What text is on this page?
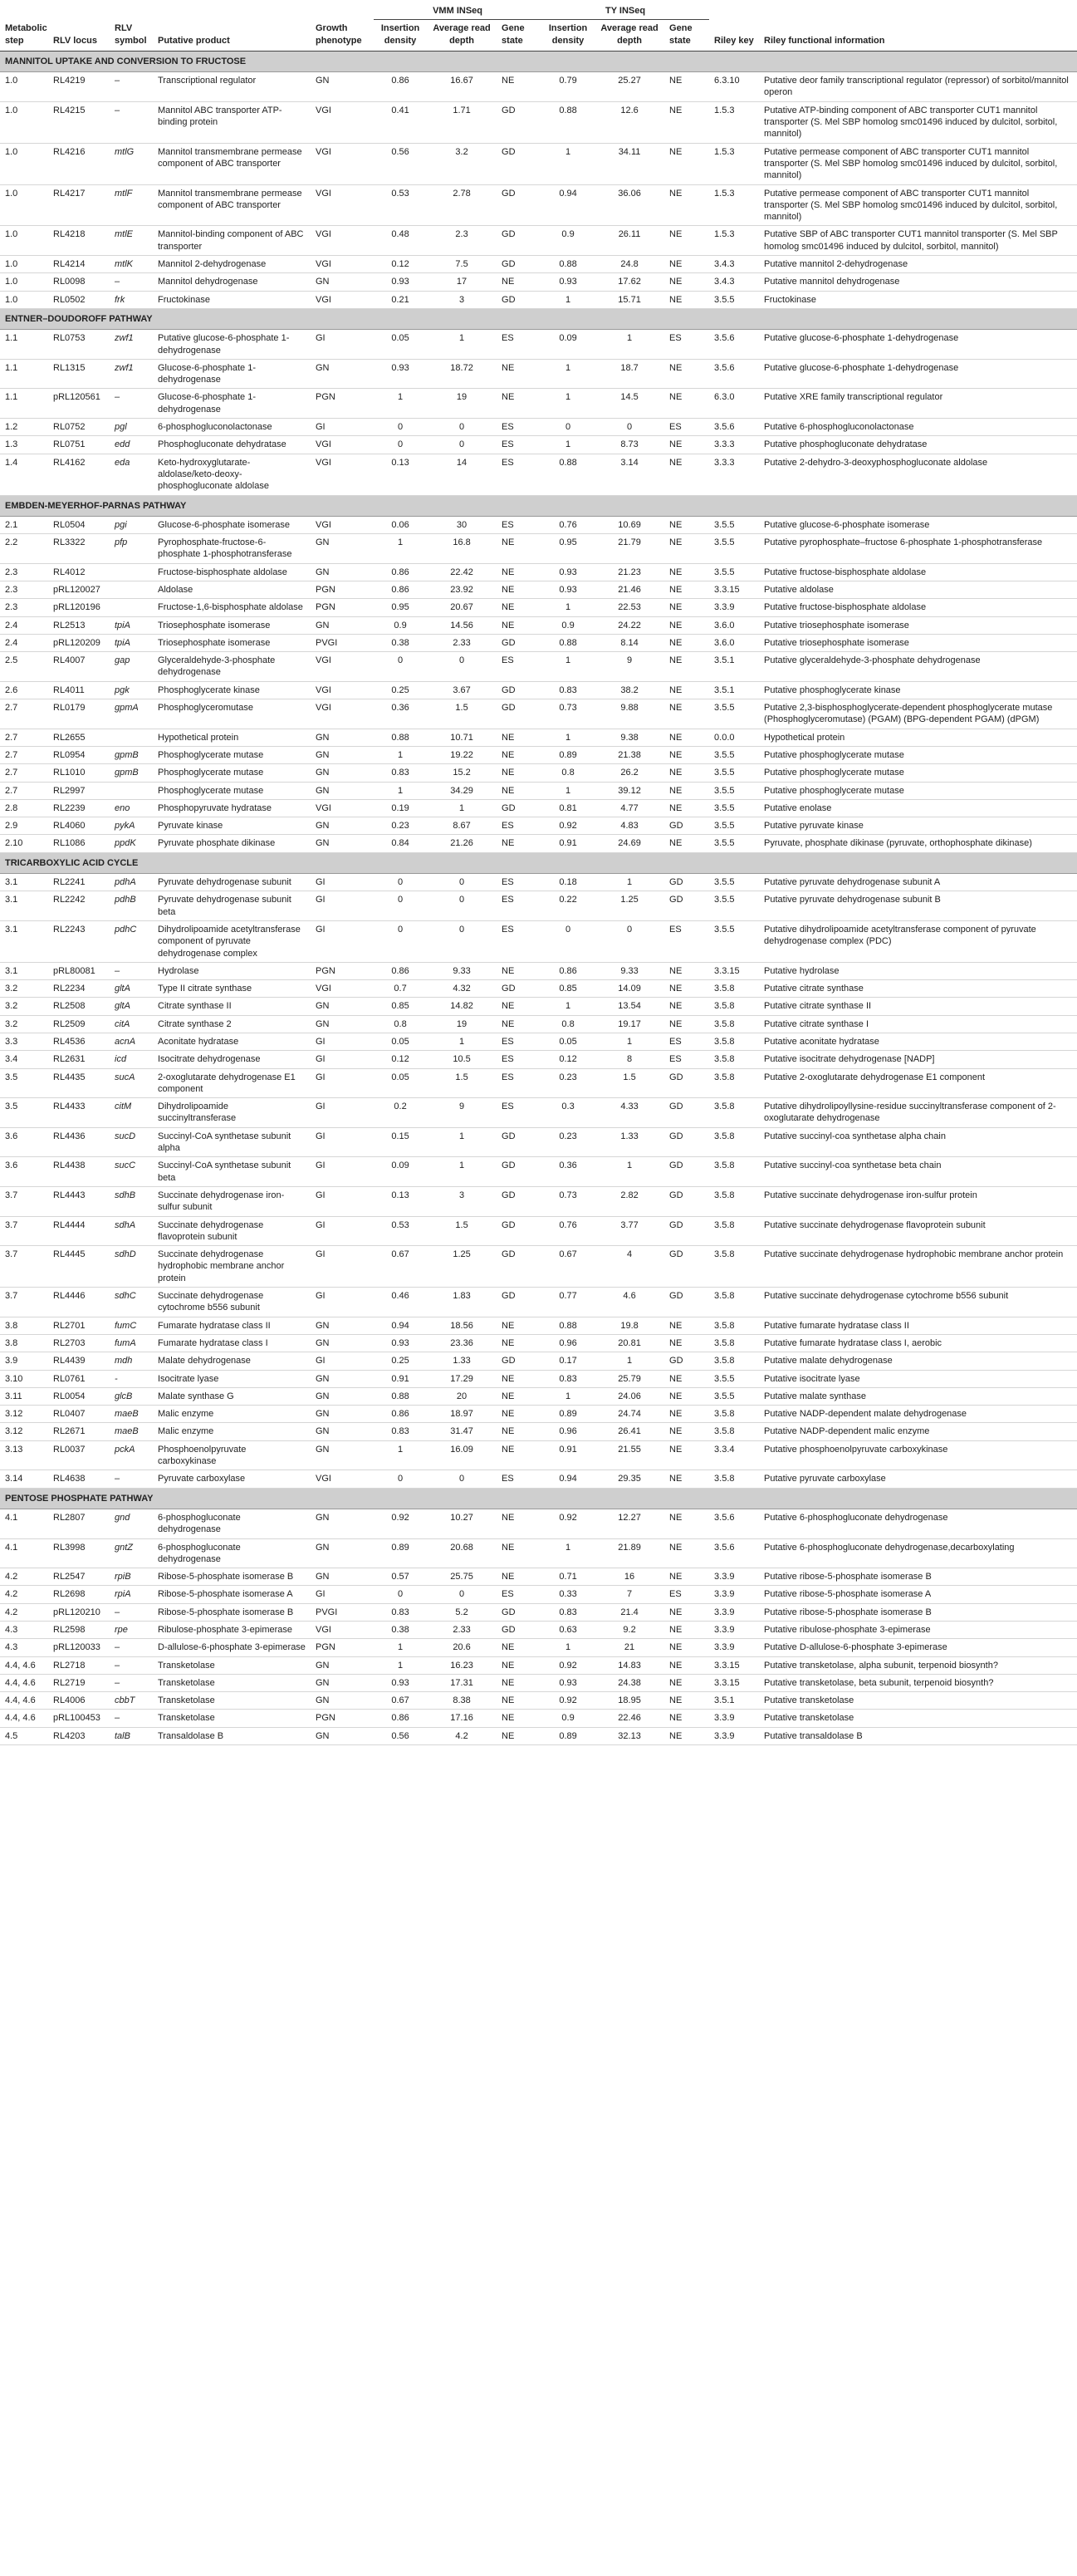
					VMM INSeq			TY INSeq				
Metabolic step	RLV locus	RLV symbol	Putative product	Growth phenotype	Insertion density	Average read depth	Gene state	Insertion density	Average read depth	Gene state	Riley key	Riley functional information
MANNITOL UPTAKE AND CONVERSION TO FRUCTOSE												
1.0	RL4219	–	Transcriptional regulator	GN	0.86	16.67	NE	0.79	25.27	NE	6.3.10	Putative deor family transcriptional regulator (repressor) of sorbitol/mannitol operon
1.0	RL4215	–	Mannitol ABC transporter ATP-binding protein	VGI	0.41	1.71	GD	0.88	12.6	NE	1.5.3	Putative ATP-binding component of ABC transporter CUT1 mannitol transporter (S. Mel SBP homolog smc01496 induced by dulcitol, sorbitol, mannitol)
1.0	RL4216	mtlG	Mannitol transmembrane permease component of ABC transporter	VGI	0.56	3.2	GD	1	34.11	NE	1.5.3	Putative permease component of ABC transporter CUT1 mannitol transporter (S. Mel SBP homolog smc01496 induced by dulcitol, sorbitol, mannitol)
1.0	RL4217	mtlF	Mannitol transmembrane permease component of ABC transporter	VGI	0.53	2.78	GD	0.94	36.06	NE	1.5.3	Putative permease component of ABC transporter CUT1 mannitol transporter (S. Mel SBP homolog smc01496 induced by dulcitol, sorbitol, mannitol)
1.0	RL4218	mtlE	Mannitol-binding component of ABC transporter	VGI	0.48	2.3	GD	0.9	26.11	NE	1.5.3	Putative SBP of ABC transporter CUT1 mannitol transporter (S. Mel SBP homolog smc01496 induced by dulcitol, sorbitol, mannitol)
1.0	RL4214	mtlK	Mannitol 2-dehydrogenase	VGI	0.12	7.5	GD	0.88	24.8	NE	3.4.3	Putative mannitol 2-dehydrogenase
1.0	RL0098	–	Mannitol dehydrogenase	GN	0.93	17	NE	0.93	17.62	NE	3.4.3	Putative mannitol dehydrogenase
1.0	RL0502	frk	Fructokinase	VGI	0.21	3	GD	1	15.71	NE	3.5.5	Fructokinase
ENTNER–DOUDOROFF PATHWAY												
1.1	RL0753	zwf1	Putative glucose-6-phosphate 1-dehydrogenase	GI	0.05	1	ES	0.09	1	ES	3.5.6	Putative glucose-6-phosphate 1-dehydrogenase
1.1	RL1315	zwf1	Glucose-6-phosphate 1-dehydrogenase	GN	0.93	18.72	NE	1	18.7	NE	3.5.6	Putative glucose-6-phosphate 1-dehydrogenase
1.1	pRL120561	–	Glucose-6-phosphate 1-dehydrogenase	PGN	1	19	NE	1	14.5	NE	6.3.0	Putative XRE family transcriptional regulator
1.2	RL0752	pgl	6-phosphogluconolactonase	GI	0	0	ES	0	0	ES	3.5.6	Putative 6-phosphogluconolactonase
1.3	RL0751	edd	Phosphogluconate dehydratase	VGI	0	0	ES	1	8.73	NE	3.3.3	Putative phosphogluconate dehydratase
1.4	RL4162	eda	Keto-hydroxyglutarate-aldolase/keto-deoxy-phosphogluconate aldolase	VGI	0.13	14	ES	0.88	3.14	NE	3.3.3	Putative 2-dehydro-3-deoxyphosphogluconate aldolase
EMBDEN-MEYERHOF-PARNAS PATHWAY												
2.1	RL0504	pgi	Glucose-6-phosphate isomerase	VGI	0.06	30	ES	0.76	10.69	NE	3.5.5	Putative glucose-6-phosphate isomerase
2.2	RL3322	pfp	Pyrophosphate-fructose-6-phosphate 1-phosphotransferase	GN	1	16.8	NE	0.95	21.79	NE	3.5.5	Putative pyrophosphate–fructose 6-phosphate 1-phosphotransferase
2.3	RL4012		Fructose-bisphosphate aldolase	GN	0.86	22.42	NE	0.93	21.23	NE	3.5.5	Putative fructose-bisphosphate aldolase
2.3	pRL120027		Aldolase	PGN	0.86	23.92	NE	0.93	21.46	NE	3.3.15	Putative aldolase
2.3	pRL120196		Fructose-1,6-bisphosphate aldolase	PGN	0.95	20.67	NE	1	22.53	NE	3.3.9	Putative fructose-bisphosphate aldolase
2.4	RL2513	tpiA	Triosephosphate isomerase	GN	0.9	14.56	NE	0.9	24.22	NE	3.6.0	Putative triosephosphate isomerase
2.4	pRL120209	tpiA	Triosephosphate isomerase	PVGI	0.38	2.33	GD	0.88	8.14	NE	3.6.0	Putative triosephosphate isomerase
2.5	RL4007	gap	Glyceraldehyde-3-phosphate dehydrogenase	VGI	0	0	ES	1	9	NE	3.5.1	Putative glyceraldehyde-3-phosphate dehydrogenase
2.6	RL4011	pgk	Phosphoglycerate kinase	VGI	0.25	3.67	GD	0.83	38.2	NE	3.5.1	Putative phosphoglycerate kinase
2.7	RL0179	gpmA	Phosphoglyceromutase	VGI	0.36	1.5	GD	0.73	9.88	NE	3.5.5	Putative 2,3-bisphosphoglycerate-dependent phosphoglycerate mutase (Phosphoglyceromutase) (PGAM) (BPG-dependent PGAM) (dPGM)
2.7	RL2655		Hypothetical protein	GN	0.88	10.71	NE	1	9.38	NE	0.0.0	Hypothetical protein
2.7	RL0954	gpmB	Phosphoglycerate mutase	GN	1	19.22	NE	0.89	21.38	NE	3.5.5	Putative phosphoglycerate mutase
2.7	RL1010	gpmB	Phosphoglycerate mutase	GN	0.83	15.2	NE	0.8	26.2	NE	3.5.5	Putative phosphoglycerate mutase
2.7	RL2997		Phosphoglycerate mutase	GN	1	34.29	NE	1	39.12	NE	3.5.5	Putative phosphoglycerate mutase
2.8	RL2239	eno	Phosphopyruvate hydratase	VGI	0.19	1	GD	0.81	4.77	NE	3.5.5	Putative enolase
2.9	RL4060	pykA	Pyruvate kinase	GN	0.23	8.67	ES	0.92	4.83	GD	3.5.5	Putative pyruvate kinase
2.10	RL1086	ppdK	Pyruvate phosphate dikinase	GN	0.84	21.26	NE	0.91	24.69	NE	3.5.5	Pyruvate, phosphate dikinase (pyruvate, orthophosphate dikinase)
TRICARBOXYLIC ACID CYCLE												
3.1	RL2241	pdhA	Pyruvate dehydrogenase subunit	GI	0	0	ES	0.18	1	GD	3.5.5	Putative pyruvate dehydrogenase subunit A
3.1	RL2242	pdhB	Pyruvate dehydrogenase subunit beta	GI	0	0	ES	0.22	1.25	GD	3.5.5	Putative pyruvate dehydrogenase subunit B
3.1	RL2243	pdhC	Dihydrolipoamide acetyltransferase component of pyruvate dehydrogenase complex	GI	0	0	ES	0	0	ES	3.5.5	Putative dihydrolipoamide acetyltransferase component of pyruvate dehydrogenase complex (PDC)
3.1	pRL80081	–	Hydrolase	PGN	0.86	9.33	NE	0.86	9.33	NE	3.3.15	Putative hydrolase
3.2	RL2234	gltA	Type II citrate synthase	VGI	0.7	4.32	GD	0.85	14.09	NE	3.5.8	Putative citrate synthase
3.2	RL2508	gltA	Citrate synthase II	GN	0.85	14.82	NE	1	13.54	NE	3.5.8	Putative citrate synthase II
3.2	RL2509	citA	Citrate synthase 2	GN	0.8	19	NE	0.8	19.17	NE	3.5.8	Putative citrate synthase I
3.3	RL4536	acnA	Aconitate hydratase	GI	0.05	1	ES	0.05	1	ES	3.5.8	Putative aconitate hydratase
3.4	RL2631	icd	Isocitrate dehydrogenase	GI	0.12	10.5	ES	0.12	8	ES	3.5.8	Putative isocitrate dehydrogenase [NADP]
3.5	RL4435	sucA	2-oxoglutarate dehydrogenase E1 component	GI	0.05	1.5	ES	0.23	1.5	GD	3.5.8	Putative 2-oxoglutarate dehydrogenase E1 component
3.5	RL4433	citM	Dihydrolipoamide succinyltransferase	GI	0.2	9	ES	0.3	4.33	GD	3.5.8	Putative dihydrolipoyllysine-residue succinyltransferase component of 2-oxoglutarate dehydrogenase
3.6	RL4436	sucD	Succinyl-CoA synthetase subunit alpha	GI	0.15	1	GD	0.23	1.33	GD	3.5.8	Putative succinyl-coa synthetase alpha chain
3.6	RL4438	sucC	Succinyl-CoA synthetase subunit beta	GI	0.09	1	GD	0.36	1	GD	3.5.8	Putative succinyl-coa synthetase beta chain
3.7	RL4443	sdhB	Succinate dehydrogenase iron-sulfur subunit	GI	0.13	3	GD	0.73	2.82	GD	3.5.8	Putative succinate dehydrogenase iron-sulfur protein
3.7	RL4444	sdhA	Succinate dehydrogenase flavoprotein subunit	GI	0.53	1.5	GD	0.76	3.77	GD	3.5.8	Putative succinate dehydrogenase flavoprotein subunit
3.7	RL4445	sdhD	Succinate dehydrogenase hydrophobic membrane anchor protein	GI	0.67	1.25	GD	0.67	4	GD	3.5.8	Putative succinate dehydrogenase hydrophobic membrane anchor protein
3.7	RL4446	sdhC	Succinate dehydrogenase cytochrome b556 subunit	GI	0.46	1.83	GD	0.77	4.6	GD	3.5.8	Putative succinate dehydrogenase cytochrome b556 subunit
3.8	RL2701	fumC	Fumarate hydratase class II	GN	0.94	18.56	NE	0.88	19.8	NE	3.5.8	Putative fumarate hydratase class II
3.8	RL2703	fumA	Fumarate hydratase class I	GN	0.93	23.36	NE	0.96	20.81	NE	3.5.8	Putative fumarate hydratase class I, aerobic
3.9	RL4439	mdh	Malate dehydrogenase	GI	0.25	1.33	GD	0.17	1	GD	3.5.8	Putative malate dehydrogenase
3.10	RL0761	-	Isocitrate lyase	GN	0.91	17.29	NE	0.83	25.79	NE	3.5.5	Putative isocitrate lyase
3.11	RL0054	glcB	Malate synthase G	GN	0.88	20	NE	1	24.06	NE	3.5.5	Putative malate synthase
3.12	RL0407	maeB	Malic enzyme	GN	0.86	18.97	NE	0.89	24.74	NE	3.5.8	Putative NADP-dependent malate dehydrogenase
3.12	RL2671	maeB	Malic enzyme	GN	0.83	31.47	NE	0.96	26.41	NE	3.5.8	Putative NADP-dependent malic enzyme
3.13	RL0037	pckA	Phosphoenolpyruvate carboxykinase	GN	1	16.09	NE	0.91	21.55	NE	3.3.4	Putative phosphoenolpyruvate carboxykinase
3.14	RL4638	–	Pyruvate carboxylase	VGI	0	0	ES	0.94	29.35	NE	3.5.8	Putative pyruvate carboxylase
PENTOSE PHOSPHATE PATHWAY												
4.1	RL2807	gnd	6-phosphogluconate dehydrogenase	GN	0.92	10.27	NE	0.92	12.27	NE	3.5.6	Putative 6-phosphogluconate dehydrogenase
4.1	RL3998	gntZ	6-phosphogluconate dehydrogenase	GN	0.89	20.68	NE	1	21.89	NE	3.5.6	Putative 6-phosphogluconate dehydrogenase,decarboxylating
4.2	RL2547	rpiB	Ribose-5-phosphate isomerase B	GN	0.57	25.75	NE	0.71	16	NE	3.3.9	Putative ribose-5-phosphate isomerase B
4.2	RL2698	rpiA	Ribose-5-phosphate isomerase A	GI	0	0	ES	0.33	7	ES	3.3.9	Putative ribose-5-phosphate isomerase A
4.2	pRL120210	–	Ribose-5-phosphate isomerase B	PVGI	0.83	5.2	GD	0.83	21.4	NE	3.3.9	Putative ribose-5-phosphate isomerase B
4.3	RL2598	rpe	Ribulose-phosphate 3-epimerase	VGI	0.38	2.33	GD	0.63	9.2	NE	3.3.9	Putative ribulose-phosphate 3-epimerase
4.3	pRL120033	–	D-allulose-6-phosphate 3-epimerase	PGN	1	20.6	NE	1	21	NE	3.3.9	Putative D-allulose-6-phosphate 3-epimerase
4.4, 4.6	RL2718	–	Transketolase	GN	1	16.23	NE	0.92	14.83	NE	3.3.15	Putative transketolase, alpha subunit, terpenoid biosynth?
4.4, 4.6	RL2719	–	Transketolase	GN	0.93	17.31	NE	0.93	24.38	NE	3.3.15	Putative transketolase, beta subunit, terpenoid biosynth?
4.4, 4.6	RL4006	cbbT	Transketolase	GN	0.67	8.38	NE	0.92	18.95	NE	3.5.1	Putative transketolase
4.4, 4.6	pRL100453	–	Transketolase	PGN	0.86	17.16	NE	0.9	22.46	NE	3.3.9	Putative transketolase
4.5	RL4203	talB	Transaldolase B	GN	0.56	4.2	NE	0.89	32.13	NE	3.3.9	Putative transaldolase B
